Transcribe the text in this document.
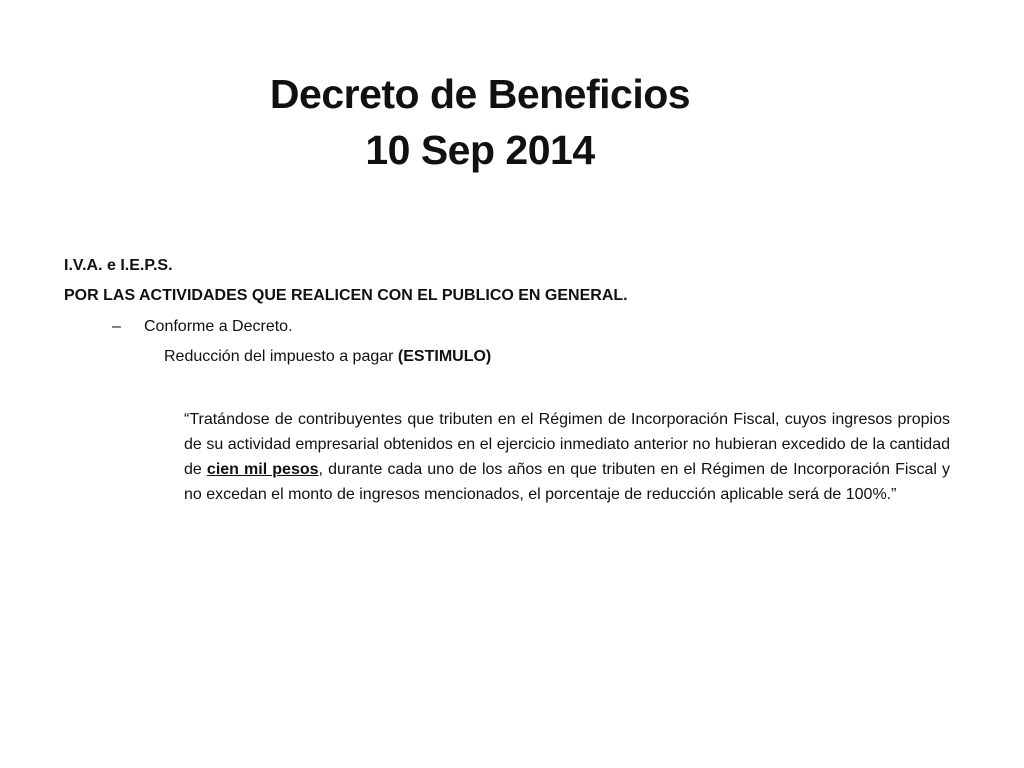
Decreto de Beneficios
10 Sep 2014
I.V.A. e I.E.P.S.
POR LAS ACTIVIDADES QUE REALICEN CON EL PUBLICO EN GENERAL.
– Conforme a Decreto.
Reducción del impuesto a pagar (ESTIMULO)
“Tratándose de contribuyentes que tributen en el Régimen de Incorporación Fiscal, cuyos ingresos propios de su actividad empresarial obtenidos en el ejercicio inmediato anterior no hubieran excedido de la cantidad de cien mil pesos, durante cada uno de los años en que tributen en el Régimen de Incorporación Fiscal y no excedan el monto de ingresos mencionados, el porcentaje de reducción aplicable será de 100%.”
